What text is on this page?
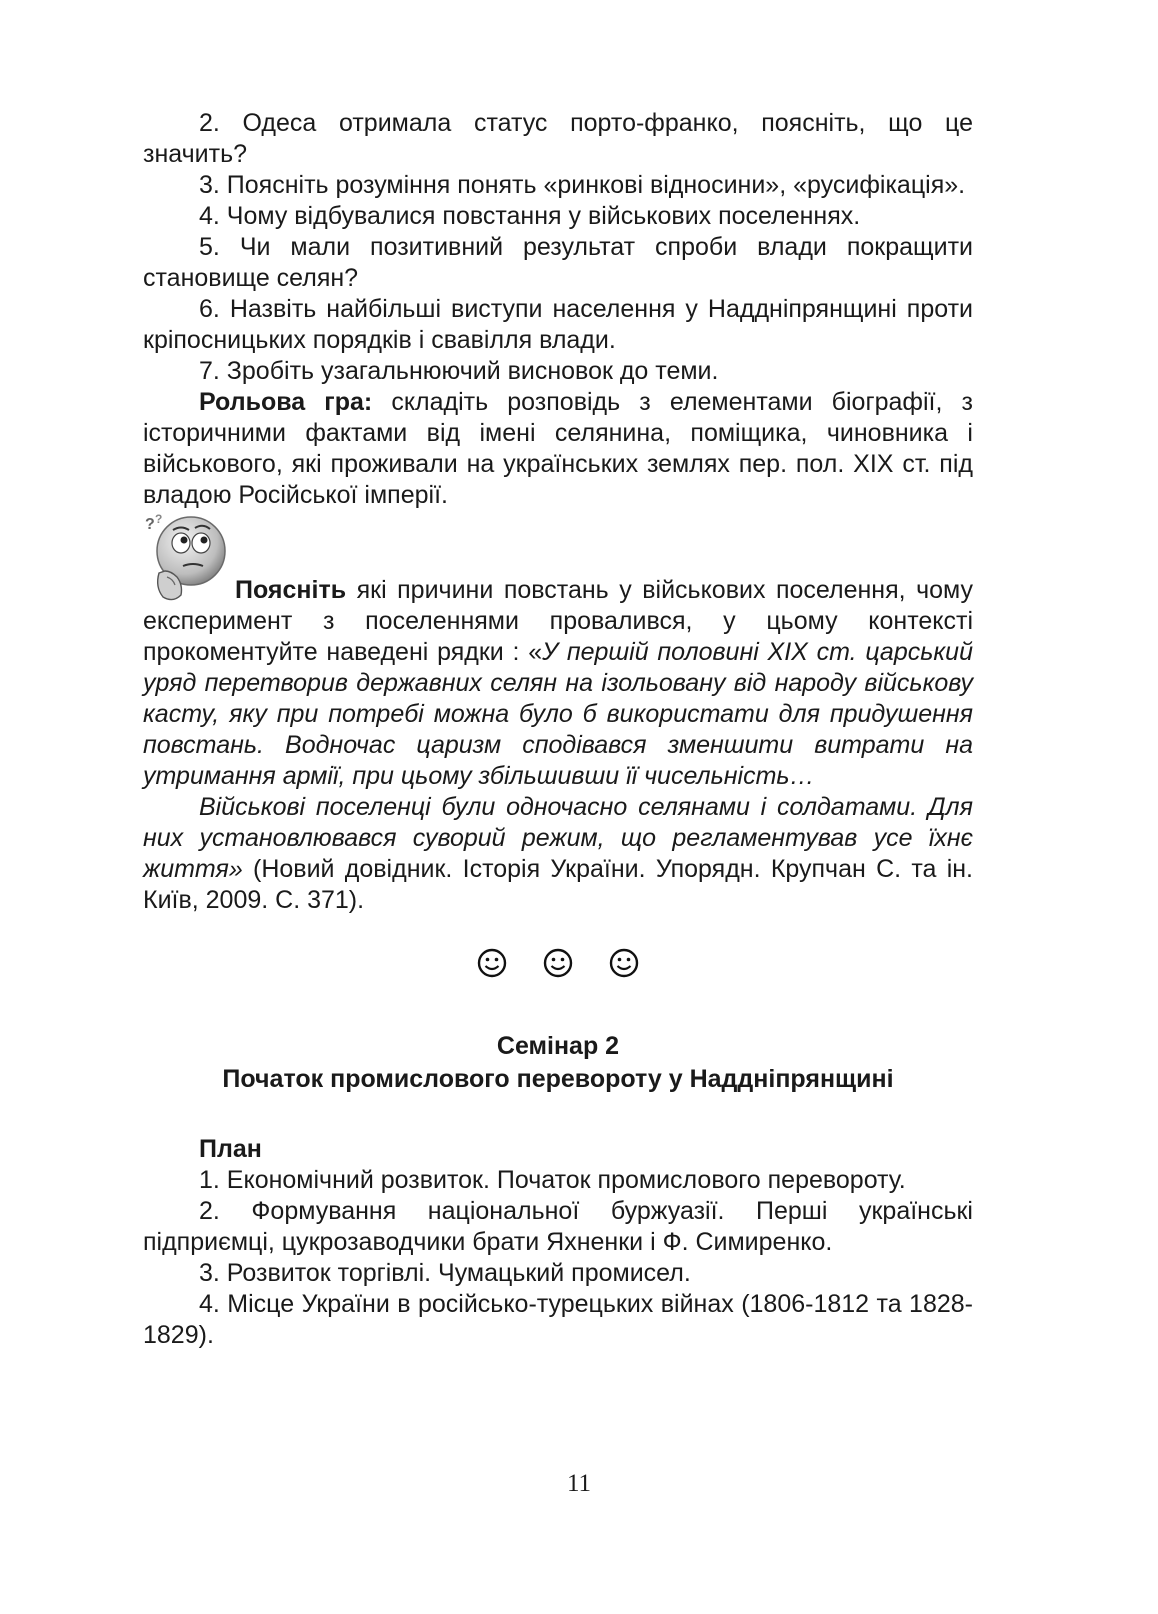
2. Одеса отримала статус порто-франко, поясніть, що це значить?

3. Поясніть розуміння понять «ринкові відносини», «русифікація».

4. Чому відбувалися повстання у військових поселеннях.

5. Чи мали позитивний результат спроби влади покращити становище селян?

6. Назвіть найбільші виступи населення у Наддніпрянщині проти кріпосницьких порядків і свавілля влади.

7. Зробіть узагальнюючий висновок до теми.

Рольова гра: складіть розповідь з елементами біографії, з історичними фактами від імені селянина, поміщика, чиновника і військового, які проживали на українських землях пер. пол. XIX ст. під владою Російської імперії.

? ?

Поясніть які причини повстань у військових поселення, чому експеримент з поселеннями провалився, у цьому контексті прокоментуйте наведені рядки : «У першій половині XIX ст. царський уряд перетворив державних селян на ізольовану від народу військову касту, яку при потребі можна було б використати для придушення повстань. Водночас царизм сподівався зменшити витрати на утримання армії, при цьому збільшивши її чисельність…

Військові поселенці були одночасно селянами і солдатами. Для них установлювався суворий режим, що регламентував усе їхнє життя» (Новий довідник. Історія України. Упорядн. Крупчан С. та ін. Київ, 2009. С. 371).

Семінар 2
Початок промислового перевороту у Наддніпрянщині
План

1. Економічний розвиток. Початок промислового перевороту.

2. Формування національної буржуазії. Перші українські підприємці, цукрозаводчики брати Яхненки і Ф. Симиренко.

3. Розвиток торгівлі. Чумацький промисел.

4. Місце України в російсько-турецьких війнах (1806-1812 та 1828-1829).

11
